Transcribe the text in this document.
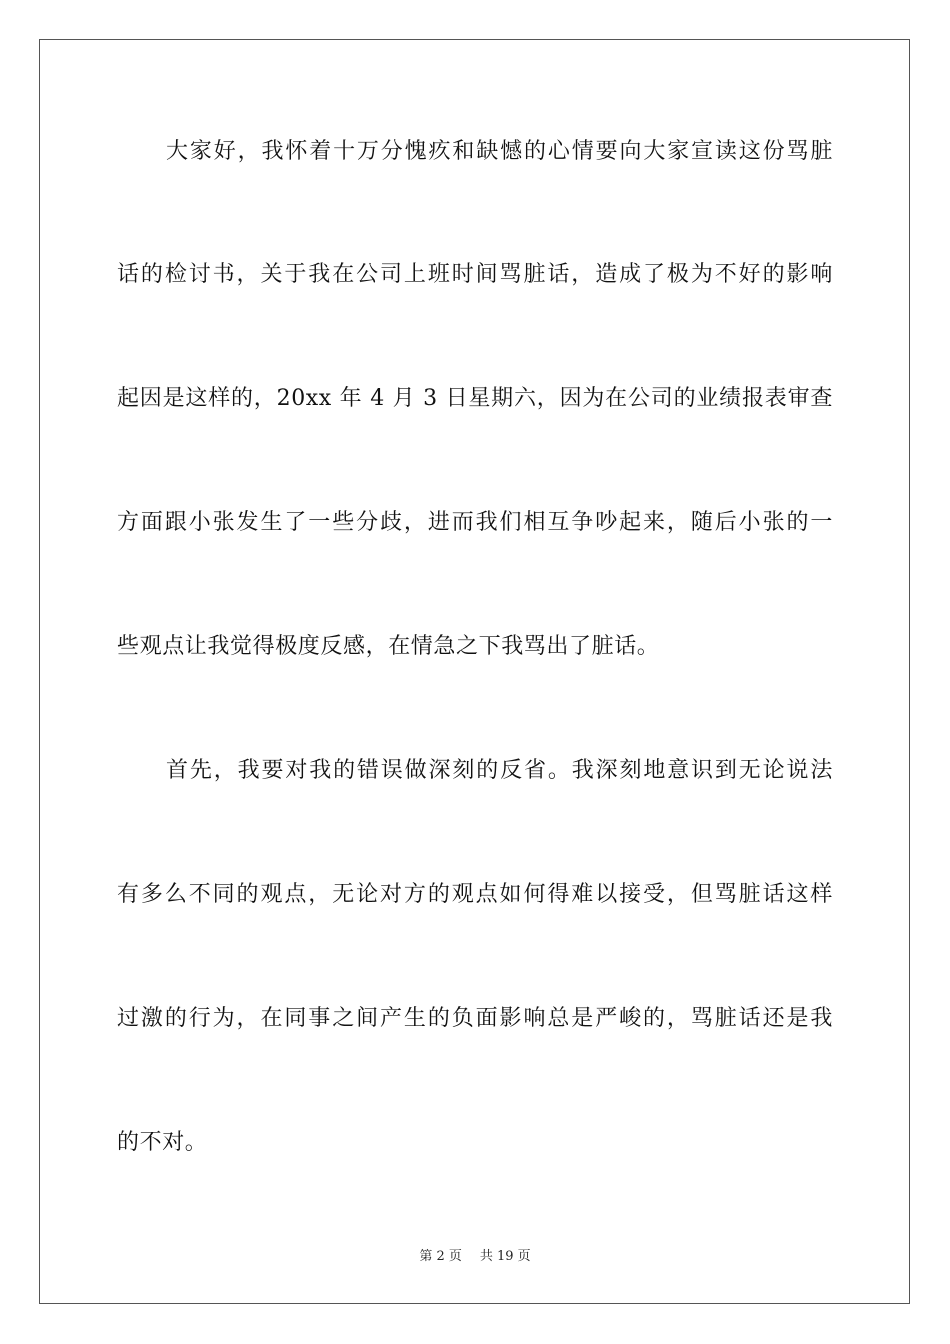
大家好，我怀着十万分愧疚和缺憾的心情要向大家宣读这份骂脏
话的检讨书，关于我在公司上班时间骂脏话，造成了极为不好的影响
起因是这样的，20xx 年 4 月 3 日星期六，因为在公司的业绩报表审查
方面跟小张发生了一些分歧，进而我们相互争吵起来，随后小张的一
些观点让我觉得极度反感，在情急之下我骂出了脏话。
首先，我要对我的错误做深刻的反省。我深刻地意识到无论说法
有多么不同的观点，无论对方的观点如何得难以接受，但骂脏话这样
过激的行为，在同事之间产生的负面影响总是严峻的，骂脏话还是我
的不对。
第 2 页 共 19 页
